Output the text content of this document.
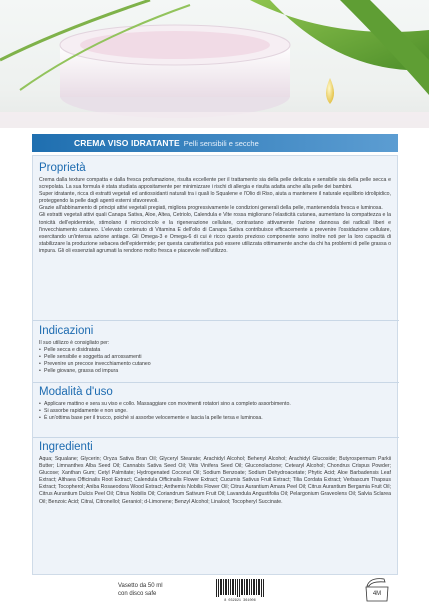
CREMA VISO IDRATANTE Pelli sensibili e secche
Proprietà

Crema dalla texture compatta e dalla fresca profumazione, risulta eccellente per il trattamento sia della pelle delicata e sensibile sia della pelle secca e screpolata. La sua formula è stata studiata appositamente per minimizzare i rischi di allergia e risulta adatta anche alla pelle dei bambini.

Super idratante, ricca di estratti vegetali ed antiossidanti naturali tra i quali lo Squalene e l'Olio di Riso, aiuta a mantenere il naturale equilibrio idrolipidico, proteggendo la pelle dagli agenti esterni sfavorevoli.

Grazie all'abbinamento di principi attivi vegetali pregiati, migliora progressivamente le condizioni generali della pelle, mantenendola fresca e luminosa.

Gli estratti vegetali attivi quali Canapa Sativa, Aloe, Altea, Cetriolo, Calendula e Vite rossa migliorano l'elasticità cutanea, aumentano la compattezza e la tonicità dell'epidermide, stimolano il microcircolo e la rigenerazione cellulare, contrastano attivamente l'azione dannosa dei radicali liberi e l'invecchiamento cutaneo. L'elevato contenuto di Vitamina E dell'olio di Canapa Sativa contribuisce efficacemente a prevenire l'ossidazione cellulare, esercitando un'intensa azione antiage. Gli Omega-3 e Omega-6 di cui è ricco questo prezioso componente sono inoltre noti per la loro capacità di stabilizzare la produzione sebacea dell'epidermide; per questa caratteristica può essere utilizzata ottimamente anche da chi ha problemi di pelle grassa o impura. Gli oli essenziali agrumati la rendono molto fresca e piacevole nell'utilizzo.

Indicazioni
Il suo utilizzo è consigliato per:
• Pelle secca e disidratata
• Pelle sensibile e soggetta ad arrossamenti
• Prevenire un precoce invecchiamento cutaneo
• Pelle giovane, grassa od impura
Modalità d'uso
• Applicare mattino e sera su viso e collo. Massaggiare con movimenti rotatori sino a completo assorbimento.
• Si assorbe rapidamente e non unge.
• È un'ottima base per il trucco, poiché si assorbe velocemente e lascia la pelle tersa e luminosa.
Ingredienti
Aqua; Squalane; Glycerin; Oryza Sativa Bran Oil; Glyceryl Stearate; Arachidyl Alcohol; Behenyl Alcohol; Arachidyl Glucoside; Butyrospermum Parkii Butter; Limnanthes Alba Seed Oil; Cannabis Sativa Seed Oil; Vitis Vinifera Seed Oil; Gluconolactone; Cetearyl Alcohol; Chondrus Crispus Powder; Glucose; Xanthan Gum; Cetyl Palmitate; Hydrogenated Coconut Oil; Sodium Benzoate; Sodium Dehydroacetate; Phytic Acid; Aloe Barbadensis Leaf Extract; Althaea Officinalis Root Extract; Calendula Officinalis Flower Extract; Cucumis Sativus Fruit Extract; Tilia Cordata Extract; Verbascum Thapsus Extract; Tocopherol; Aniba Rosaeodora Wood Extract; Anthemis Nobilis Flower Oil; Citrus Aurantium Amara Peel Oil; Citrus Aurantium Bergamia Fruit Oil; Citrus Aurantium Dulcis Peel Oil; Citrus Nobilis Oil; Coriandrum Sativum Fruit Oil; Lavandula Angustifolia Oil; Pelargonium Graveolens Oil; Salvia Sclarea Oil; Benzoic Acid; Citral, Citronellol; Geraniol; d-Limonene; Benzyl Alcohol; Linalool; Tocopheryl Succinate.
Vasetto da 50 ml
con disco safe
8 032921 361006
4M
